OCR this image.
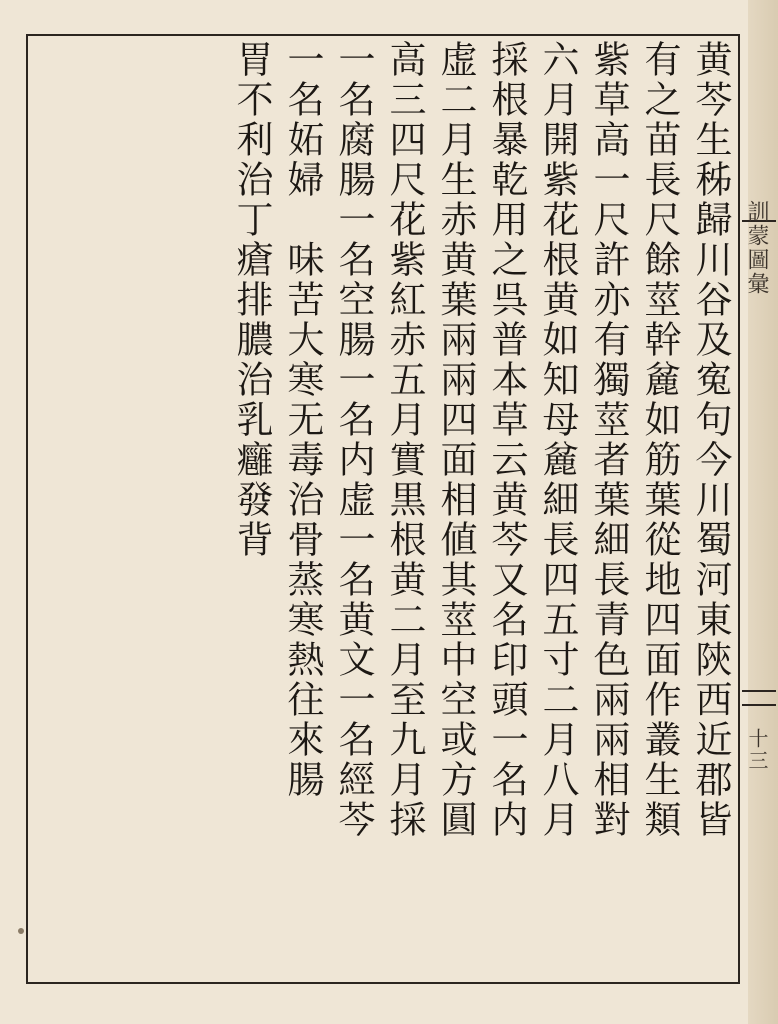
訓蒙圖彙
十三
黄芩生秭歸川谷及寃句今川蜀河東陝西近郡皆
有之苗長尺餘莖幹麄如筋葉從地四面作叢生類
紫草高一尺許亦有獨莖者葉細長青色兩兩相對
六月開紫花根黄如知母麄細長四五寸二月八月
採根暴乾用之呉普本草云黄芩又名印頭一名内
虚二月生赤黄葉兩兩四面相値其莖中空或方圓
高三四尺花紫紅赤五月實黒根黄二月至九月採
一名腐腸一名空腸一名内虚一名黄文一名經芩
一名妬婦　味苦大寒无毒治骨蒸寒熱往來腸
胃不利治丁瘡排膿治乳癰發背
